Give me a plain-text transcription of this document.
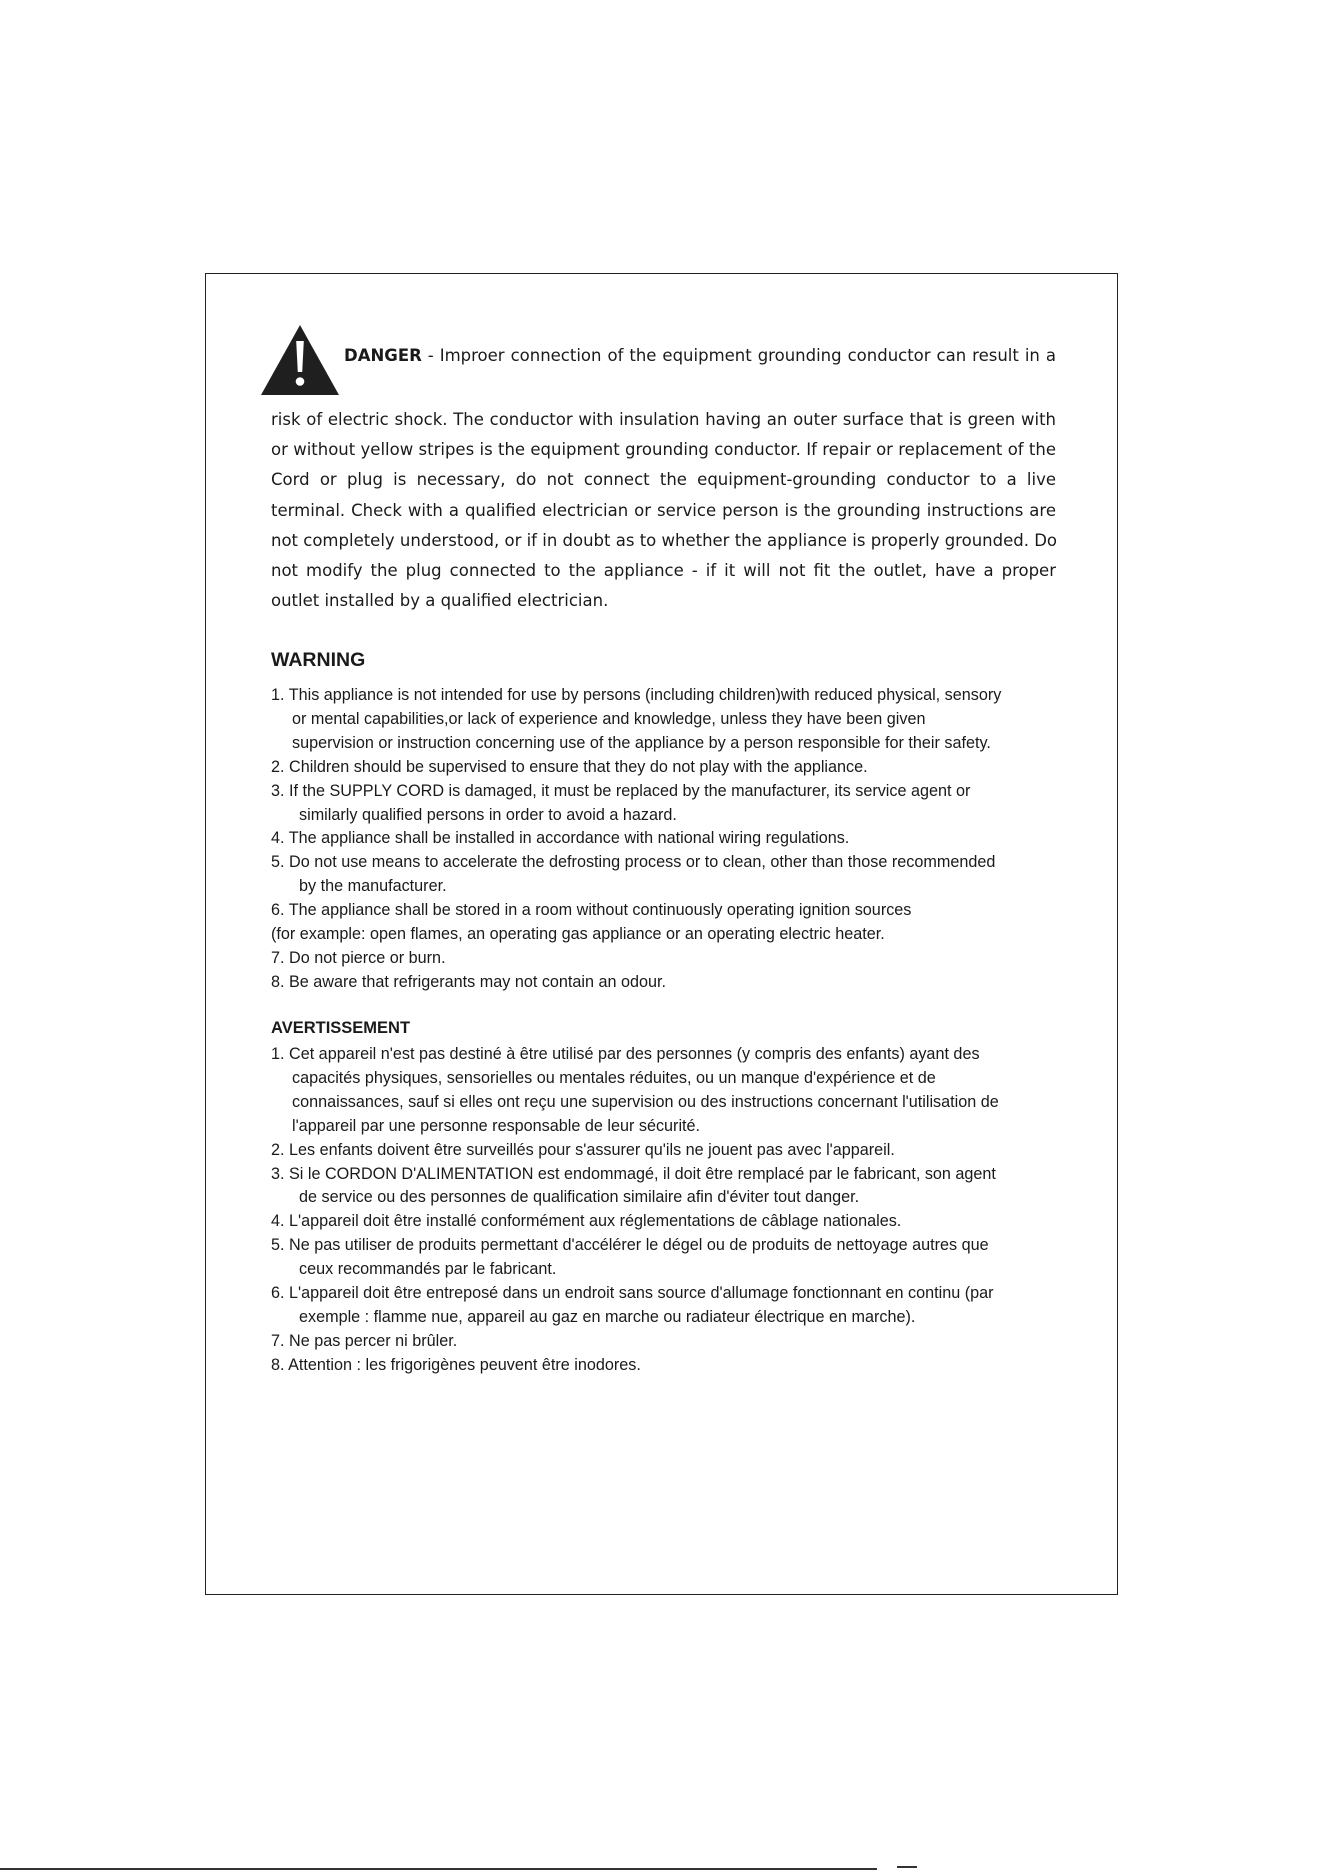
DANGER - Improer connection of the equipment grounding conductor can result in a
risk of electric shock. The conductor with insulation having an outer surface that is green with
or without yellow stripes is the equipment grounding conductor. If repair or replacement of the
Cord or plug is necessary, do not connect the equipment-grounding conductor to a live
terminal. Check with a qualified electrician or service person is the grounding instructions are
not completely understood, or if in doubt as to whether the appliance is properly grounded. Do
not modify the plug connected to the appliance - if it will not fit the outlet, have a proper
outlet installed by a qualified electrician.
WARNING
1. This appliance is not intended for use by persons (including children)with reduced physical, sensory
or mental capabilities,or lack of experience and knowledge, unless they have been given
supervision or instruction concerning use of the appliance by a person responsible for their safety.
2. Children should be supervised to ensure that they do not play with the appliance.
3. If the SUPPLY CORD is damaged, it must be replaced by the manufacturer, its service agent or
similarly qualified persons in order to avoid a hazard.
4. The appliance shall be installed in accordance with national wiring regulations.
5. Do not use means to accelerate the defrosting process or to clean, other than those recommended
by the manufacturer.
6. The appliance shall be stored in a room without continuously operating ignition sources
(for example: open flames, an operating gas appliance or an operating electric heater.
7. Do not pierce or burn.
8. Be aware that refrigerants may not contain an odour.
AVERTISSEMENT
1. Cet appareil n'est pas destiné à être utilisé par des personnes (y compris des enfants) ayant des
capacités physiques, sensorielles ou mentales réduites, ou un manque d'expérience et de
connaissances, sauf si elles ont reçu une supervision ou des instructions concernant l'utilisation de
l'appareil par une personne responsable de leur sécurité.
2. Les enfants doivent être surveillés pour s'assurer qu'ils ne jouent pas avec l'appareil.
3. Si le CORDON D'ALIMENTATION est endommagé, il doit être remplacé par le fabricant, son agent
de service ou des personnes de qualification similaire afin d'éviter tout danger.
4. L'appareil doit être installé conformément aux réglementations de câblage nationales.
5. Ne pas utiliser de produits permettant d'accélérer le dégel ou de produits de nettoyage autres que
ceux recommandés par le fabricant.
6. L'appareil doit être entreposé dans un endroit sans source d'allumage fonctionnant en continu (par
exemple : flamme nue, appareil au gaz en marche ou radiateur électrique en marche).
7. Ne pas percer ni brûler.
8. Attention : les frigorigènes peuvent être inodores.
